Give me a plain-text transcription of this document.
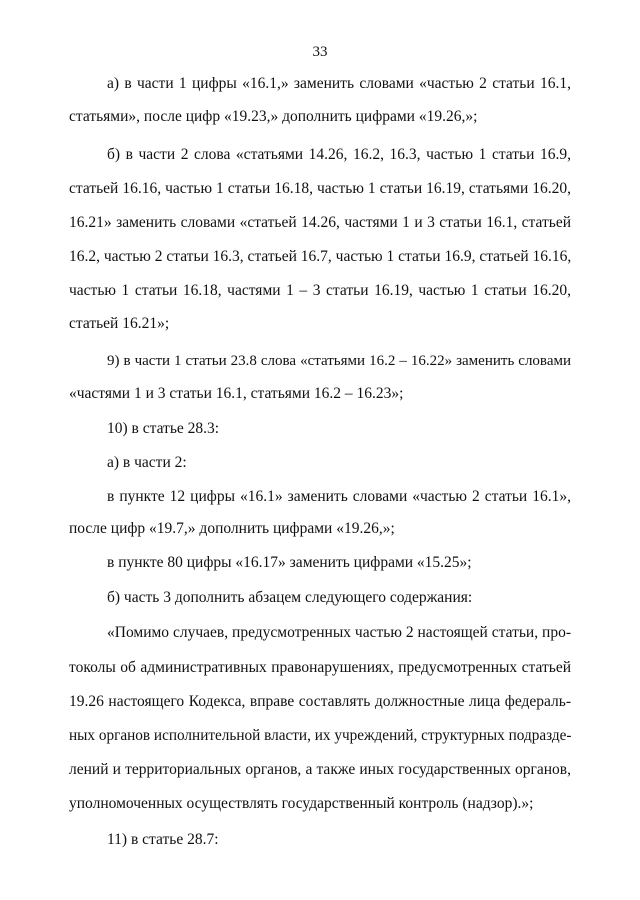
33
а) в части 1 цифры «16.1,» заменить словами «частью 2 статьи 16.1,
статьями», после цифр «19.23,» дополнить цифрами «19.26,»;
б) в части 2 слова «статьями 14.26, 16.2, 16.3, частью 1 статьи 16.9,
статьей 16.16, частью 1 статьи 16.18, частью 1 статьи 16.19, статьями 16.20,
16.21» заменить словами «статьей 14.26, частями 1 и 3 статьи 16.1, статьей
16.2, частью 2 статьи 16.3, статьей 16.7, частью 1 статьи 16.9, статьей 16.16,
частью 1 статьи 16.18, частями 1 – 3 статьи 16.19, частью 1 статьи 16.20,
статьей 16.21»;
9) в части 1 статьи 23.8 слова «статьями 16.2 – 16.22» заменить словами
«частями 1 и 3 статьи 16.1, статьями 16.2 – 16.23»;
10) в статье 28.3:
а) в части 2:
в пункте 12 цифры «16.1» заменить словами «частью 2 статьи 16.1»,
после цифр «19.7,» дополнить цифрами «19.26,»;
в пункте 80 цифры «16.17» заменить цифрами «15.25»;
б) часть 3 дополнить абзацем следующего содержания:
«Помимо случаев, предусмотренных частью 2 настоящей статьи, про-
токолы об административных правонарушениях, предусмотренных статьей
19.26 настоящего Кодекса, вправе составлять должностные лица федераль-
ных органов исполнительной власти, их учреждений, структурных подразде-
лений и территориальных органов, а также иных государственных органов,
уполномоченных осуществлять государственный контроль (надзор).»;
11) в статье 28.7:
